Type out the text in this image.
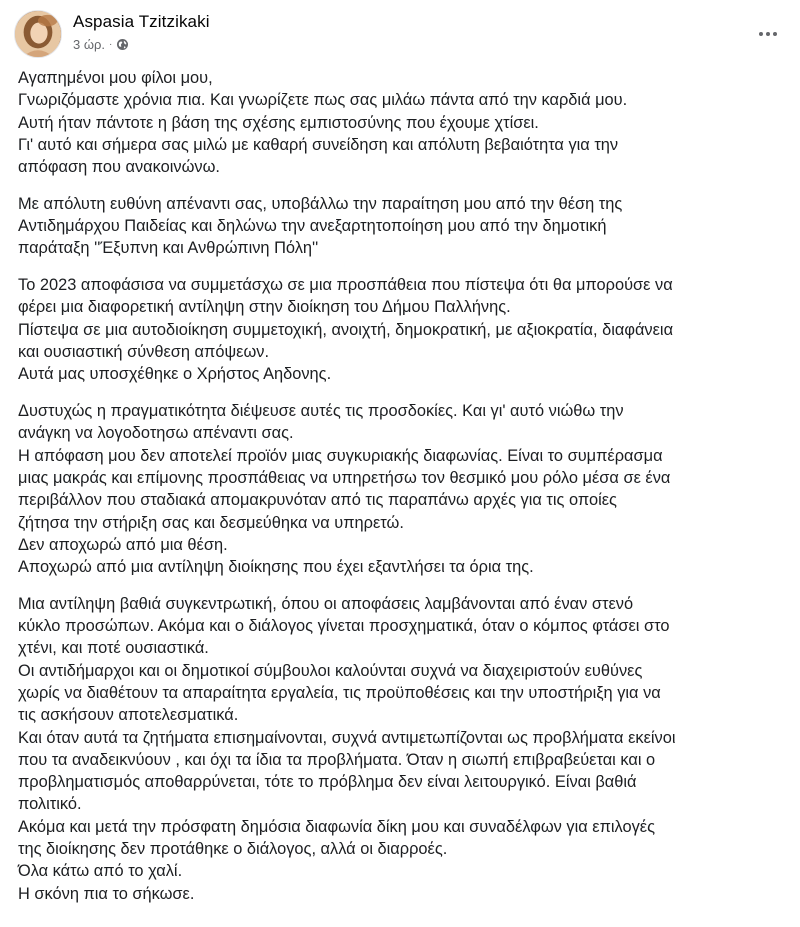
Aspasia Tzitzikaki
3 ώρ. ·
Αγαπημένοι μου φίλοι μου,
Γνωριζόμαστε χρόνια πια. Και γνωρίζετε πως σας μιλάω πάντα από την καρδιά μου.
Αυτή ήταν πάντοτε η βάση της σχέσης εμπιστοσύνης που έχουμε χτίσει.
Γι' αυτό και σήμερα σας μιλώ με καθαρή συνείδηση και απόλυτη βεβαιότητα για την
απόφαση που ανακοινώνω.
Με απόλυτη ευθύνη απέναντι σας, υποβάλλω την παραίτηση μου από την θέση της
Αντιδημάρχου Παιδείας και δηλώνω την ανεξαρτητοποίηση μου από την δημοτική
παράταξη ''Έξυπνη και Ανθρώπινη Πόλη''
Το 2023 αποφάσισα να συμμετάσχω σε μια προσπάθεια που πίστεψα ότι θα μπορούσε να
φέρει μια διαφορετική αντίληψη στην διοίκηση του Δήμου Παλλήνης.
Πίστεψα σε μια αυτοδιοίκηση συμμετοχική, ανοιχτή, δημοκρατική, με αξιοκρατία, διαφάνεια
και ουσιαστική σύνθεση απόψεων.
Αυτά μας υποσχέθηκε ο Χρήστος Αηδονης.
Δυστυχώς η πραγματικότητα διέψευσε αυτές τις προσδοκίες. Και γι' αυτό νιώθω την
ανάγκη να λογοδοτησω απέναντι σας.
Η απόφαση μου δεν αποτελεί προϊόν μιας συγκυριακής διαφωνίας. Είναι το συμπέρασμα
μιας μακράς και επίμονης προσπάθειας να υπηρετήσω τον θεσμικό μου ρόλο μέσα σε ένα
περιβάλλον που σταδιακά απομακρυνόταν από τις παραπάνω αρχές για τις οποίες
ζήτησα την στήριξη σας και δεσμεύθηκα να υπηρετώ.
Δεν αποχωρώ από μια θέση.
Αποχωρώ από μια αντίληψη διοίκησης που έχει εξαντλήσει τα όρια της.
Μια αντίληψη βαθιά συγκεντρωτική, όπου οι αποφάσεις λαμβάνονται από έναν στενό
κύκλο προσώπων. Ακόμα και ο διάλογος γίνεται προσχηματικά, όταν ο κόμπος φτάσει στο
χτένι, και ποτέ ουσιαστικά.
Οι αντιδήμαρχοι και οι δημοτικοί σύμβουλοι καλούνται συχνά να διαχειριστούν ευθύνες
χωρίς να διαθέτουν τα απαραίτητα εργαλεία, τις προϋποθέσεις και την υποστήριξη για να
τις ασκήσουν αποτελεσματικά.
Και όταν αυτά τα ζητήματα επισημαίνονται, συχνά αντιμετωπίζονται ως προβλήματα εκείνοι
που τα αναδεικνύουν , και όχι τα ίδια τα προβλήματα. Όταν η σιωπή επιβραβεύεται και ο
προβληματισμός αποθαρρύνεται, τότε το πρόβλημα δεν είναι λειτουργικό. Είναι βαθιά
πολιτικό.
Ακόμα και μετά την πρόσφατη δημόσια διαφωνία δίκη μου και συναδέλφων για επιλογές
της διοίκησης δεν προτάθηκε ο διάλογος, αλλά οι διαρροές.
Όλα κάτω από το χαλί.
Η σκόνη πια το σήκωσε.
